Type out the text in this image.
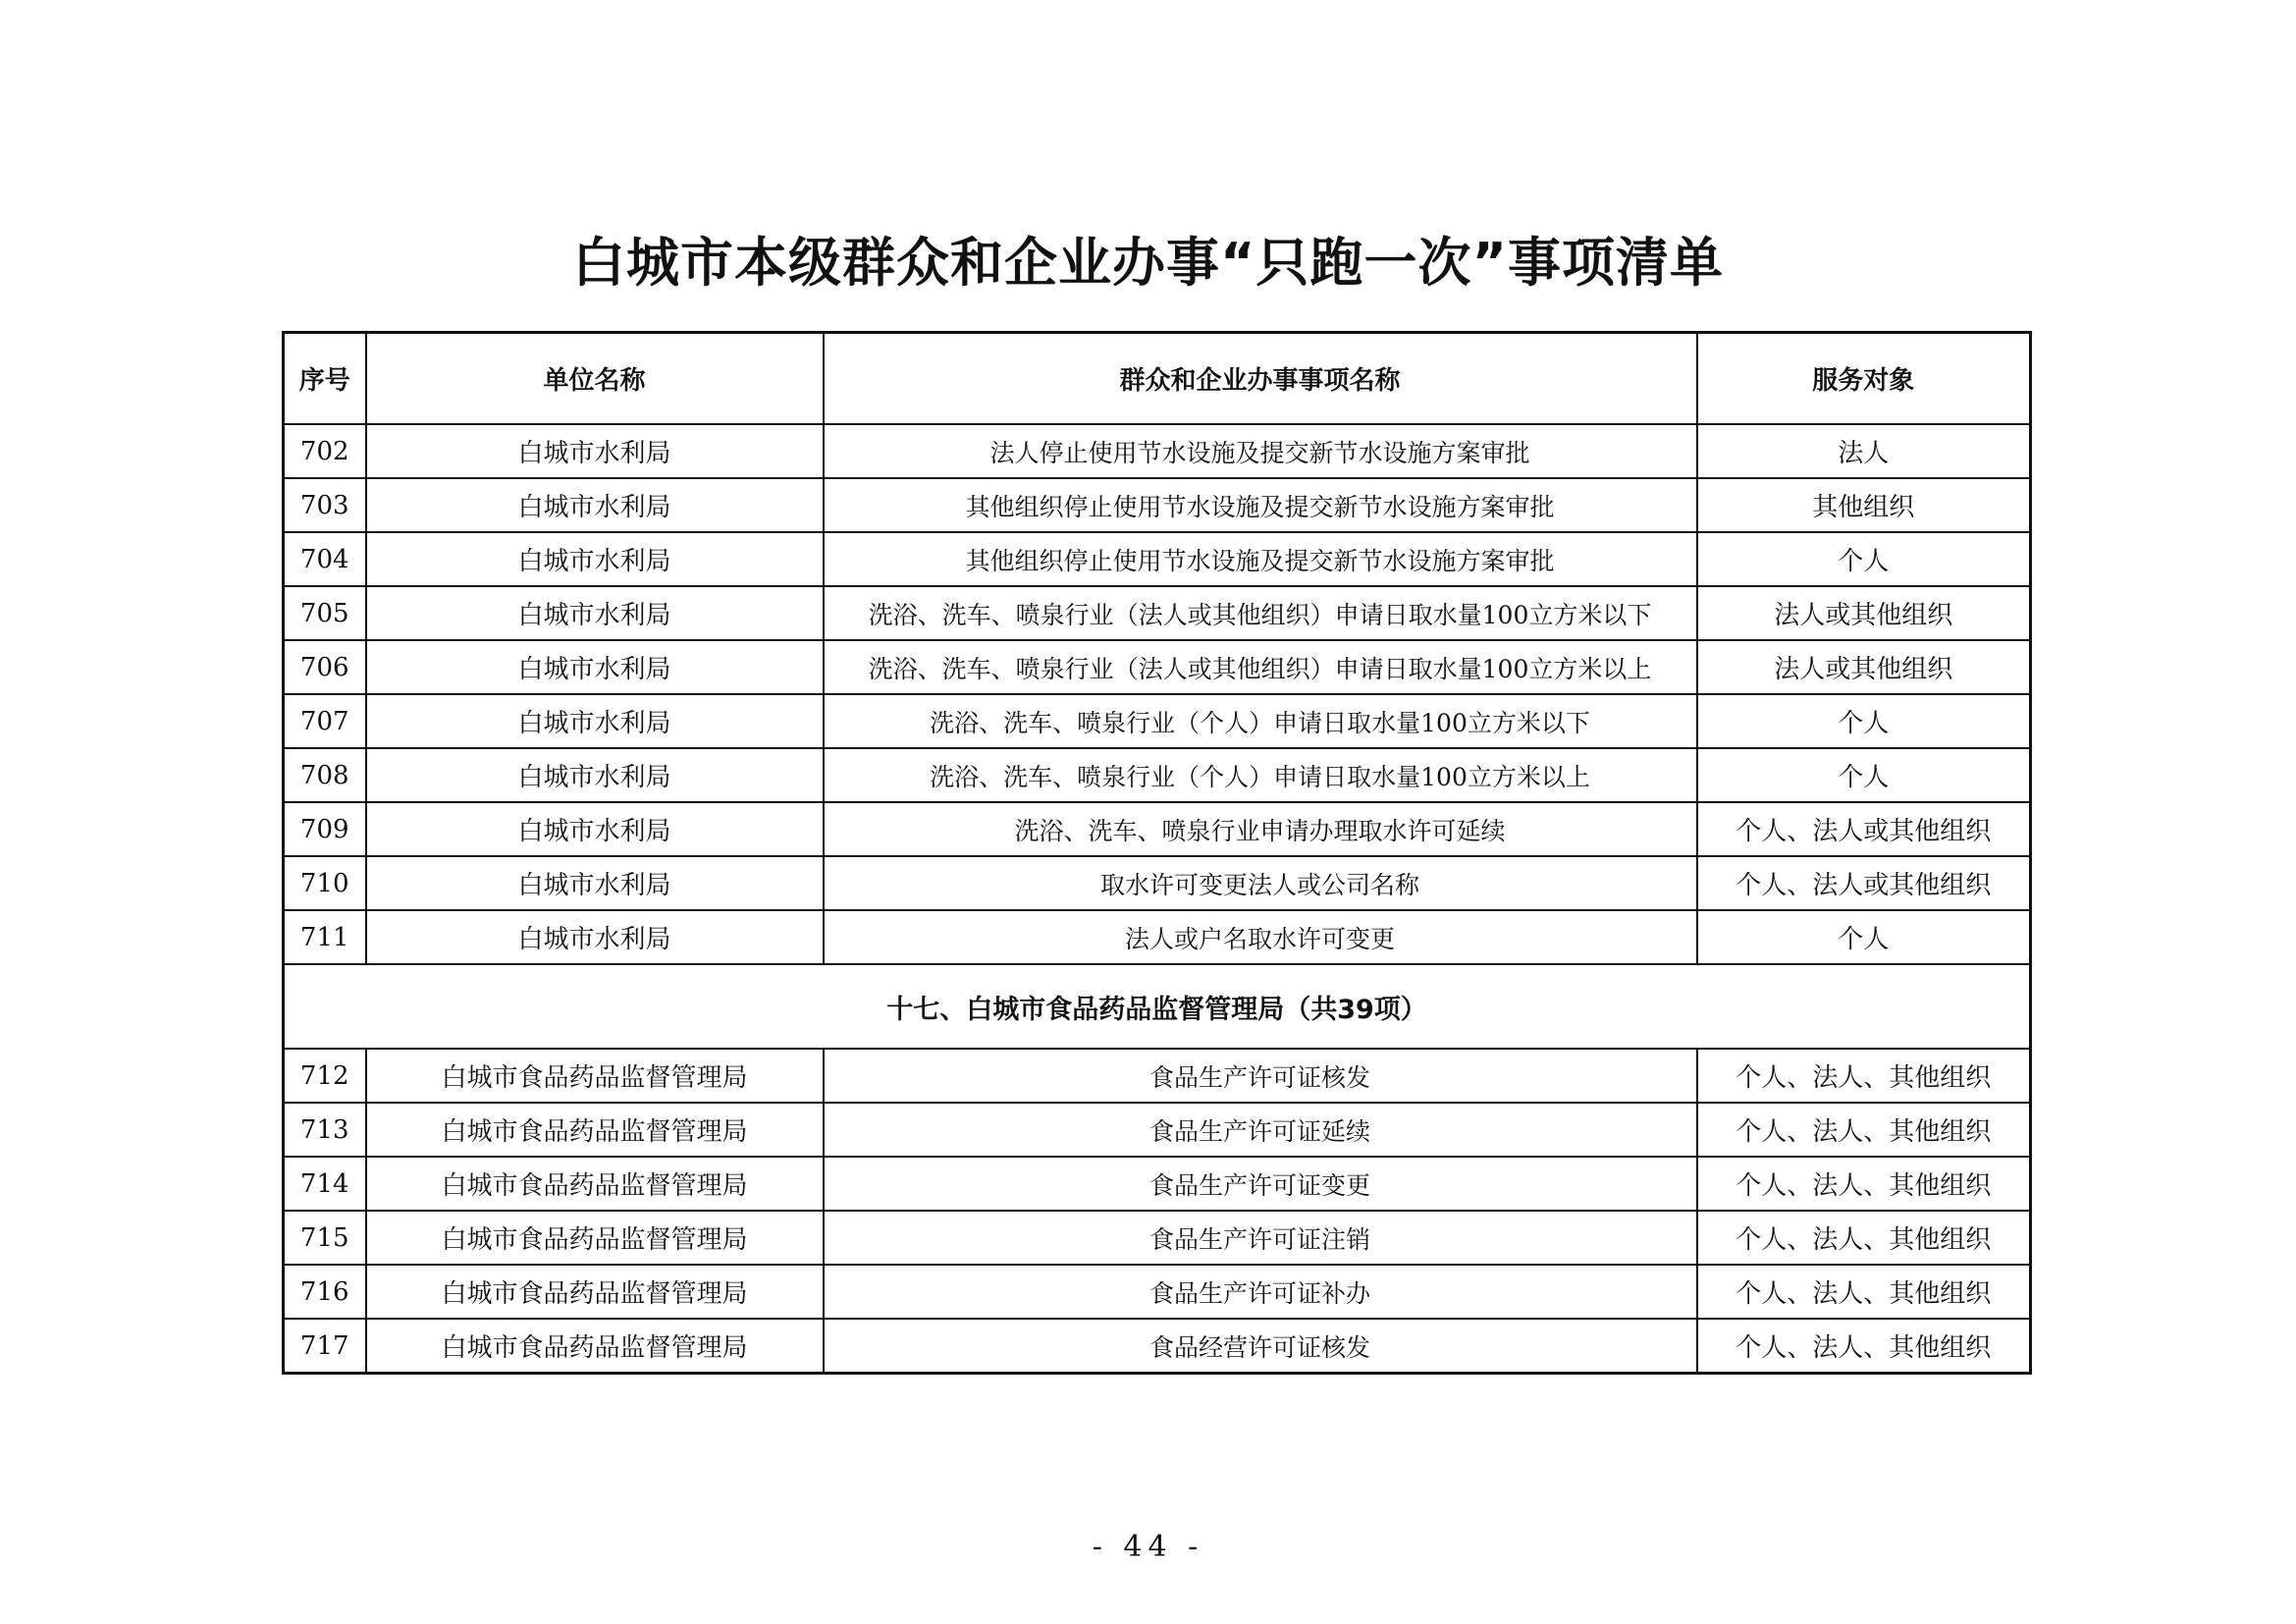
白城市本级群众和企业办事“只跑一次”事项清单
序号	单位名称	群众和企业办事事项名称	服务对象
702	白城市水利局	法人停止使用节水设施及提交新节水设施方案审批	法人
703	白城市水利局	其他组织停止使用节水设施及提交新节水设施方案审批	其他组织
704	白城市水利局	其他组织停止使用节水设施及提交新节水设施方案审批	个人
705	白城市水利局	洗浴、洗车、喷泉行业（法人或其他组织）申请日取水量100立方米以下	法人或其他组织
706	白城市水利局	洗浴、洗车、喷泉行业（法人或其他组织）申请日取水量100立方米以上	法人或其他组织
707	白城市水利局	洗浴、洗车、喷泉行业（个人）申请日取水量100立方米以下	个人
708	白城市水利局	洗浴、洗车、喷泉行业（个人）申请日取水量100立方米以上	个人
709	白城市水利局	洗浴、洗车、喷泉行业申请办理取水许可延续	个人、法人或其他组织
710	白城市水利局	取水许可变更法人或公司名称	个人、法人或其他组织
711	白城市水利局	法人或户名取水许可变更	个人
十七、白城市食品药品监督管理局（共39项）			
712	白城市食品药品监督管理局	食品生产许可证核发	个人、法人、其他组织
713	白城市食品药品监督管理局	食品生产许可证延续	个人、法人、其他组织
714	白城市食品药品监督管理局	食品生产许可证变更	个人、法人、其他组织
715	白城市食品药品监督管理局	食品生产许可证注销	个人、法人、其他组织
716	白城市食品药品监督管理局	食品生产许可证补办	个人、法人、其他组织
717	白城市食品药品监督管理局	食品经营许可证核发	个人、法人、其他组织
- 44 -
